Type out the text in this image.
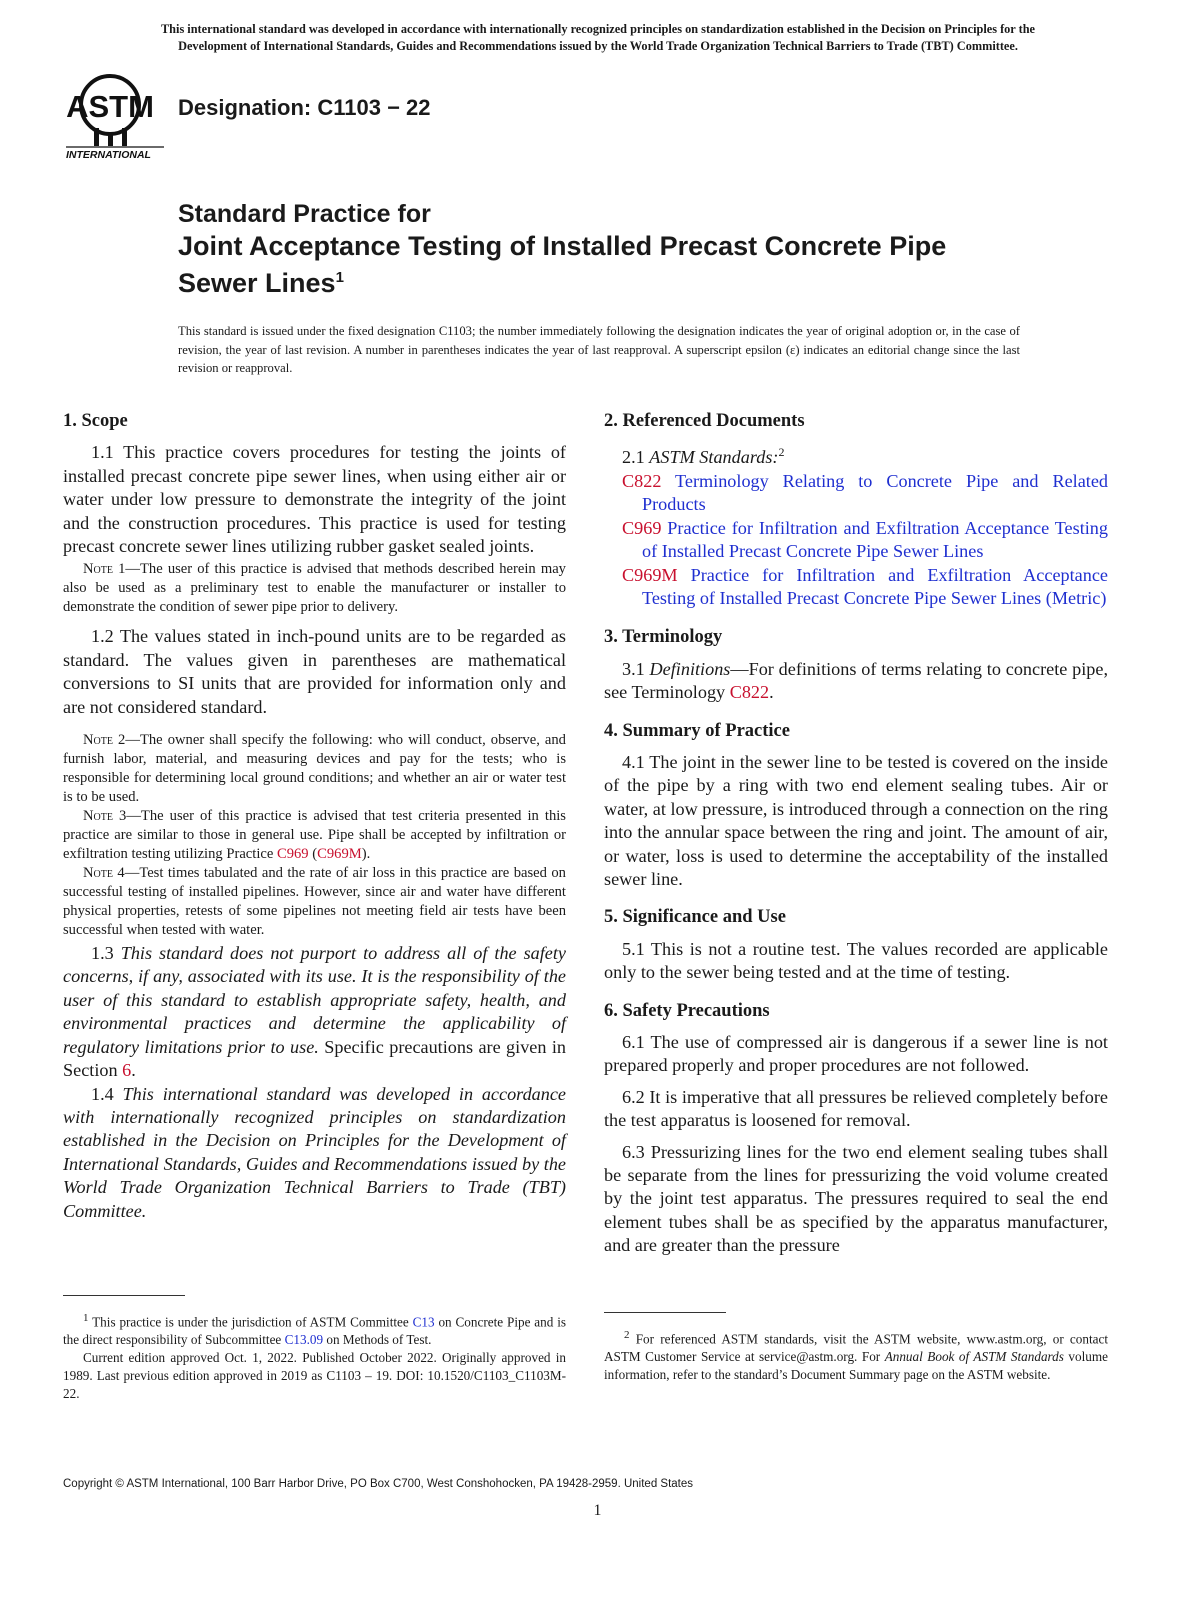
This international standard was developed in accordance with internationally recognized principles on standardization established in the Decision on Principles for the
Development of International Standards, Guides and Recommendations issued by the World Trade Organization Technical Barriers to Trade (TBT) Committee.
ASTM
INTERNATIONAL
Designation: C1103 − 22
Standard Practice for
Joint Acceptance Testing of Installed Precast Concrete Pipe
Sewer Lines$^1$
This standard is issued under the fixed designation C1103; the number immediately following the designation indicates the year of original adoption or, in the case of revision, the year of last revision. A number in parentheses indicates the year of last reapproval. A superscript epsilon (ε) indicates an editorial change since the last revision or reapproval.
1. Scope

1.1 This practice covers procedures for testing the joints of installed precast concrete pipe sewer lines, when using either air or water under low pressure to demonstrate the integrity of the joint and the construction procedures. This practice is used for testing precast concrete sewer lines utilizing rubber gasket sealed joints.

Note 1—The user of this practice is advised that methods described herein may also be used as a preliminary test to enable the manufacturer or installer to demonstrate the condition of sewer pipe prior to delivery.

1.2 The values stated in inch-pound units are to be regarded as standard. The values given in parentheses are mathematical conversions to SI units that are provided for information only and are not considered standard.

Note 2—The owner shall specify the following: who will conduct, observe, and furnish labor, material, and measuring devices and pay for the tests; who is responsible for determining local ground conditions; and whether an air or water test is to be used.

Note 3—The user of this practice is advised that test criteria presented in this practice are similar to those in general use. Pipe shall be accepted by infiltration or exfiltration testing utilizing Practice C969 (C969M).

Note 4—Test times tabulated and the rate of air loss in this practice are based on successful testing of installed pipelines. However, since air and water have different physical properties, retests of some pipelines not meeting field air tests have been successful when tested with water.

1.3 This standard does not purport to address all of the safety concerns, if any, associated with its use. It is the responsibility of the user of this standard to establish appropriate safety, health, and environmental practices and determine the applicability of regulatory limitations prior to use. Specific precautions are given in Section 6.

1.4 This international standard was developed in accordance with internationally recognized principles on standardization established in the Decision on Principles for the Development of International Standards, Guides and Recommendations issued by the World Trade Organization Technical Barriers to Trade (TBT) Committee.

$^1$ This practice is under the jurisdiction of ASTM Committee C13 on Concrete Pipe and is the direct responsibility of Subcommittee C13.09 on Methods of Test.

Current edition approved Oct. 1, 2022. Published October 2022. Originally approved in 1989. Last previous edition approved in 2019 as C1103 – 19. DOI: 10.1520/C1103_C1103M-22.

2. Referenced Documents

2.1 ASTM Standards:$^2$

C822 Terminology Relating to Concrete Pipe and Related Products

C969 Practice for Infiltration and Exfiltration Acceptance Testing of Installed Precast Concrete Pipe Sewer Lines

C969M Practice for Infiltration and Exfiltration Acceptance Testing of Installed Precast Concrete Pipe Sewer Lines (Metric)

3. Terminology

3.1 Definitions—For definitions of terms relating to concrete pipe, see Terminology C822.

4. Summary of Practice

4.1 The joint in the sewer line to be tested is covered on the inside of the pipe by a ring with two end element sealing tubes. Air or water, at low pressure, is introduced through a connection on the ring into the annular space between the ring and joint. The amount of air, or water, loss is used to determine the acceptability of the installed sewer line.

5. Significance and Use

5.1 This is not a routine test. The values recorded are applicable only to the sewer being tested and at the time of testing.

6. Safety Precautions

6.1 The use of compressed air is dangerous if a sewer line is not prepared properly and proper procedures are not followed.

6.2 It is imperative that all pressures be relieved completely before the test apparatus is loosened for removal.

6.3 Pressurizing lines for the two end element sealing tubes shall be separate from the lines for pressurizing the void volume created by the joint test apparatus. The pressures required to seal the end element tubes shall be as specified by the apparatus manufacturer, and are greater than the pressure

$^2$ For referenced ASTM standards, visit the ASTM website, www.astm.org, or contact ASTM Customer Service at service@astm.org. For Annual Book of ASTM Standards volume information, refer to the standard’s Document Summary page on the ASTM website.

Copyright © ASTM International, 100 Barr Harbor Drive, PO Box C700, West Conshohocken, PA 19428-2959. United States
1
